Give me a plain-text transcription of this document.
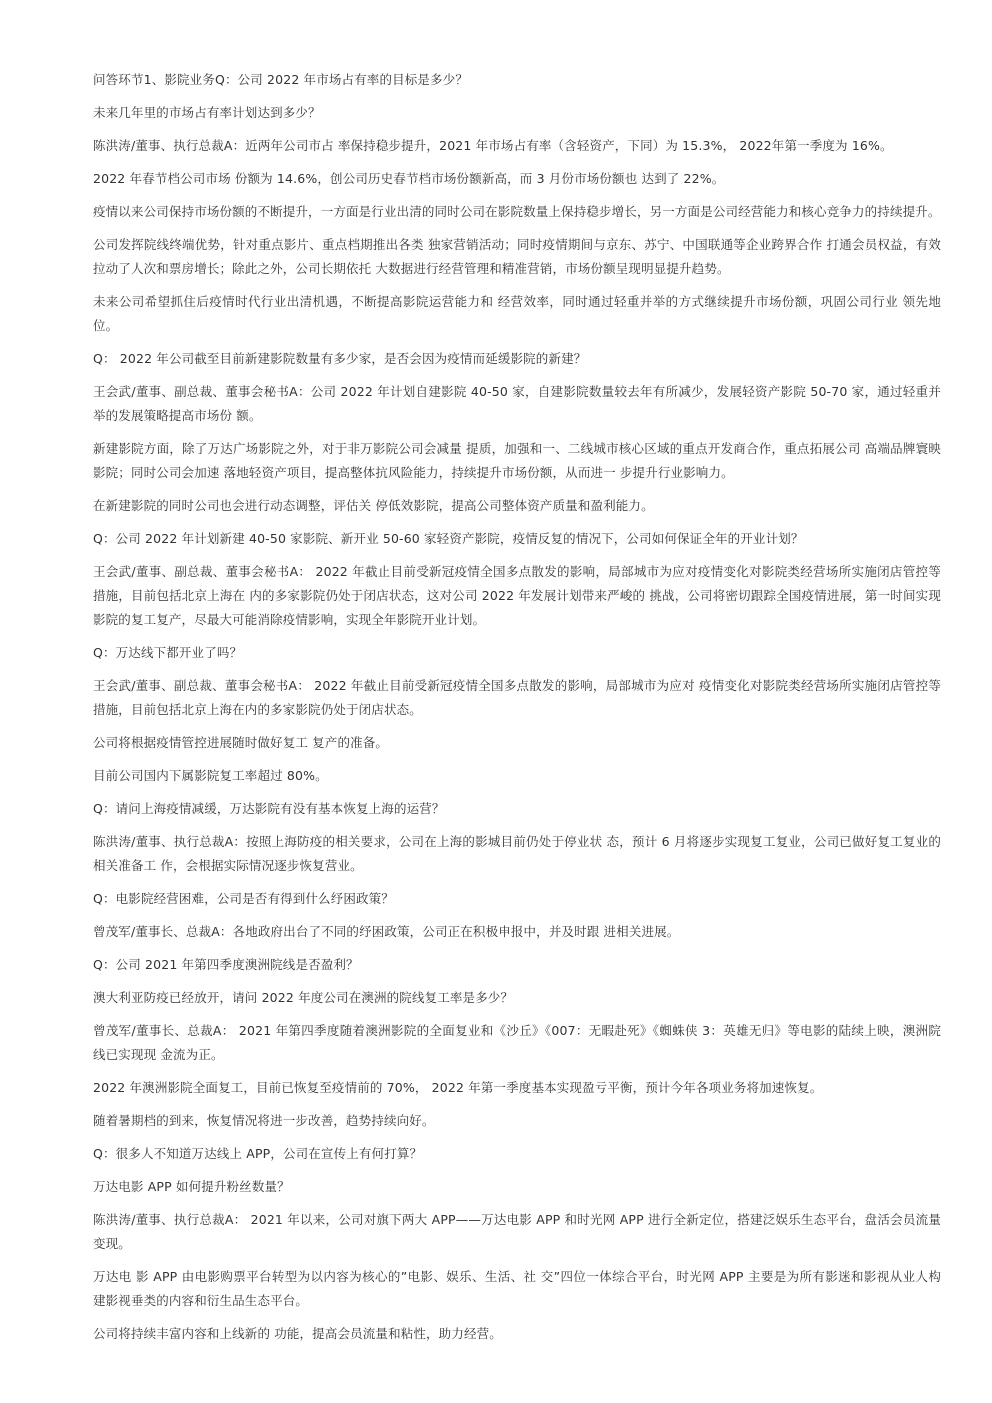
问答环节1、影院业务Q：公司 2022 年市场占有率的目标是多少？

未来几年里的市场占有率计划达到多少？

陈洪涛/董事、执行总裁A：近两年公司市占 率保持稳步提升，2021 年市场占有率（含轻资产，下同）为 15.3%， 2022年第一季度为 16%。

2022 年春节档公司市场 份额为 14.6%，创公司历史春节档市场份额新高，而 3 月份市场份额也 达到了 22%。

疫情以来公司保持市场份额的不断提升，一方面是行业出清的同时公司在影院数量上保持稳步增长，另一方面是公司经营能力和核心竞争力的持续提升。

公司发挥院线终端优势，针对重点影片、重点档期推出各类 独家营销活动；同时疫情期间与京东、苏宁、中国联通等企业跨界合作 打通会员权益，有效拉动了人次和票房增长；除此之外，公司长期依托 大数据进行经营管理和精准营销，市场份额呈现明显提升趋势。

未来公司希望抓住后疫情时代行业出清机遇，不断提高影院运营能力和 经营效率，同时通过轻重并举的方式继续提升市场份额，巩固公司行业 领先地位。

Q： 2022 年公司截至目前新建影院数量有多少家，是否会因为疫情而延缓影院的新建？

王会武/董事、副总裁、董事会秘书A：公司 2022 年计划自建影院 40-50 家，自建影院数量较去年有所减少，发展轻资产影院 50-70 家，通过轻重并举的发展策略提高市场份 额。

新建影院方面，除了万达广场影院之外，对于非万影院公司会减量 提质，加强和一、二线城市核心区域的重点开发商合作，重点拓展公司 高端品牌寰映影院；同时公司会加速 落地轻资产项目，提高整体抗风险能力，持续提升市场份额，从而进一 步提升行业影响力。

在新建影院的同时公司也会进行动态调整，评估关 停低效影院，提高公司整体资产质量和盈利能力。

Q：公司 2022 年计划新建 40-50 家影院、新开业 50-60 家轻资产影院，疫情反复的情况下，公司如何保证全年的开业计划？

王会武/董事、副总裁、董事会秘书A： 2022 年截止目前受新冠疫情全国多点散发的影响，局部城市为应对疫情变化对影院类经营场所实施闭店管控等措施，目前包括北京上海在 内的多家影院仍处于闭店状态，这对公司 2022 年发展计划带来严峻的 挑战，公司将密切跟踪全国疫情进展，第一时间实现影院的复工复产，尽最大可能消除疫情影响，实现全年影院开业计划。

Q：万达线下都开业了吗？

王会武/董事、副总裁、董事会秘书A： 2022 年截止目前受新冠疫情全国多点散发的影响，局部城市为应对 疫情变化对影院类经营场所实施闭店管控等措施，目前包括北京上海在内的多家影院仍处于闭店状态。

公司将根据疫情管控进展随时做好复工 复产的准备。

目前公司国内下属影院复工率超过 80%。

Q：请问上海疫情减缓，万达影院有没有基本恢复上海的运营？

陈洪涛/董事、执行总裁A：按照上海防疫的相关要求，公司在上海的影城目前仍处于停业状 态，预计 6 月将逐步实现复工复业，公司已做好复工复业的相关准备工 作，会根据实际情况逐步恢复营业。

Q：电影院经营困难，公司是否有得到什么纾困政策？

曾茂军/董事长、总裁A：各地政府出台了不同的纾困政策，公司正在积极申报中，并及时跟 进相关进展。

Q：公司 2021 年第四季度澳洲院线是否盈利？

澳大利亚防疫已经放开，请问 2022 年度公司在澳洲的院线复工率是多少？

曾茂军/董事长、总裁A： 2021 年第四季度随着澳洲影院的全面复业和《沙丘》《007：无暇赴死》《蜘蛛侠 3：英雄无归》等电影的陆续上映，澳洲院线已实现现 金流为正。

2022 年澳洲影院全面复工，目前已恢复至疫情前的 70%， 2022 年第一季度基本实现盈亏平衡，预计今年各项业务将加速恢复。

随着暑期档的到来，恢复情况将进一步改善，趋势持续向好。

Q：很多人不知道万达线上 APP，公司在宣传上有何打算？

万达电影 APP 如何提升粉丝数量？

陈洪涛/董事、执行总裁A： 2021 年以来，公司对旗下两大 APP——万达电影 APP 和时光网 APP 进行全新定位，搭建泛娱乐生态平台，盘活会员流量 变现。

万达电 影 APP 由电影购票平台转型为以内容为核心的”电影、娱乐、生活、社 交”四位一体综合平台，时光网 APP 主要是为所有影迷和影视从业人构 建影视垂类的内容和衍生品生态平台。

公司将持续丰富内容和上线新的 功能，提高会员流量和粘性，助力经营。
